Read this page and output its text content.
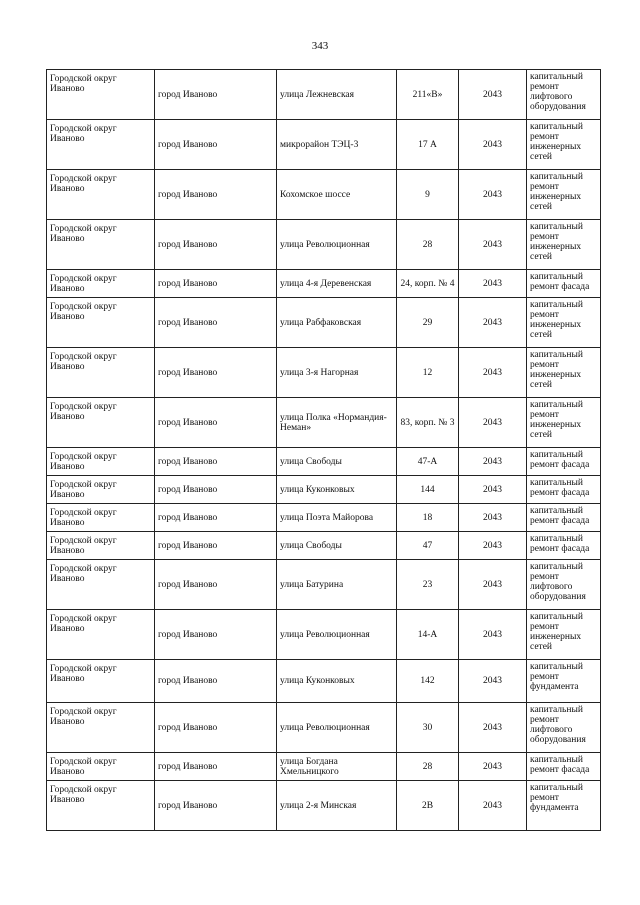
343
Городской округ Иваново	город Иваново	улица Лежневская	211«В»	2043	капитальный ремонт лифтового оборудования
Городской округ Иваново	город Иваново	микрорайон ТЭЦ-3	17 А	2043	капитальный ремонт инженерных сетей
Городской округ Иваново	город Иваново	Кохомское шоссе	9	2043	капитальный ремонт инженерных сетей
Городской округ Иваново	город Иваново	улица Революционная	28	2043	капитальный ремонт инженерных сетей
Городской округ Иваново	город Иваново	улица 4-я Деревенская	24, корп. № 4	2043	капитальный ремонт фасада
Городской округ Иваново	город Иваново	улица Рабфаковская	29	2043	капитальный ремонт инженерных сетей
Городской округ Иваново	город Иваново	улица 3-я Нагорная	12	2043	капитальный ремонт инженерных сетей
Городской округ Иваново	город Иваново	улица Полка «Нормандия-Неман»	83, корп. № 3	2043	капитальный ремонт инженерных сетей
Городской округ Иваново	город Иваново	улица Свободы	47-А	2043	капитальный ремонт фасада
Городской округ Иваново	город Иваново	улица Куконковых	144	2043	капитальный ремонт фасада
Городской округ Иваново	город Иваново	улица Поэта Майорова	18	2043	капитальный ремонт фасада
Городской округ Иваново	город Иваново	улица Свободы	47	2043	капитальный ремонт фасада
Городской округ Иваново	город Иваново	улица Батурина	23	2043	капитальный ремонт лифтового оборудования
Городской округ Иваново	город Иваново	улица Революционная	14-А	2043	капитальный ремонт инженерных сетей
Городской округ Иваново	город Иваново	улица Куконковых	142	2043	капитальный ремонт фундамента
Городской округ Иваново	город Иваново	улица Революционная	30	2043	капитальный ремонт лифтового оборудования
Городской округ Иваново	город Иваново	улица Богдана Хмельницкого	28	2043	капитальный ремонт фасада
Городской округ Иваново	город Иваново	улица 2-я Минская	2В	2043	капитальный ремонт фундамента
